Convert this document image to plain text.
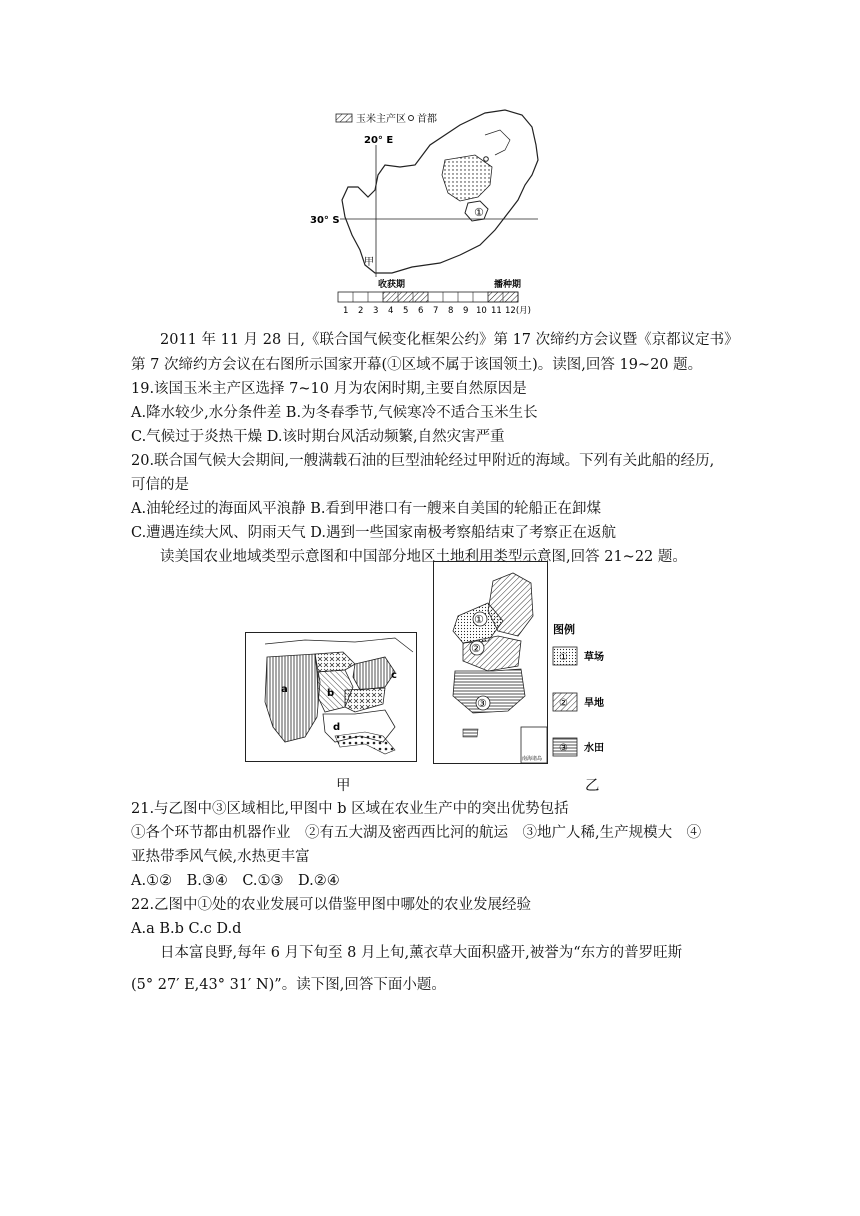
玉米主产区 首都
①
20° E
30° S
甲
收获期	播种期
1 2 3 4 5 6 7 8 9 10 11 12(月)
2011 年 11 月 28 日,《联合国气候变化框架公约》第 17 次缔约方会议暨《京都议定书》
第 7 次缔约方会议在右图所示国家开幕(①区域不属于该国领土)。读图,回答 19~20 题。
19.该国玉米主产区选择 7~10 月为农闲时期,主要自然原因是
A.降水较少,水分条件差 B.为冬春季节,气候寒冷不适合玉米生长
C.气候过于炎热干燥 D.该时期台风活动频繁,自然灾害严重
20.联合国气候大会期间,一艘满载石油的巨型油轮经过甲附近的海域。下列有关此船的经历,
可信的是
A.油轮经过的海面风平浪静 B.看到甲港口有一艘来自美国的轮船正在卸煤
C.遭遇连续大风、阴雨天气 D.遇到一些国家南极考察船结束了考察正在返航
读美国农业地域类型示意图和中国部分地区土地利用类型示意图,回答 21~22 题。
a	b
c
d
①
②
③
南海诸岛
图例
① 草场
② 旱地
③ 水田
甲	乙
21.与乙图中③区域相比,甲图中 b 区域在农业生产中的突出优势包括
①各个环节都由机器作业　②有五大湖及密西西比河的航运　③地广人稀,生产规模大　④
亚热带季风气候,水热更丰富
A.①②　B.③④　C.①③　D.②④
22.乙图中①处的农业发展可以借鉴甲图中哪处的农业发展经验
A.a B.b C.c D.d
日本富良野,每年 6 月下旬至 8 月上旬,薰衣草大面积盛开,被誉为“东方的普罗旺斯
(5° 27′ E,43° 31′ N)”。读下图,回答下面小题。
